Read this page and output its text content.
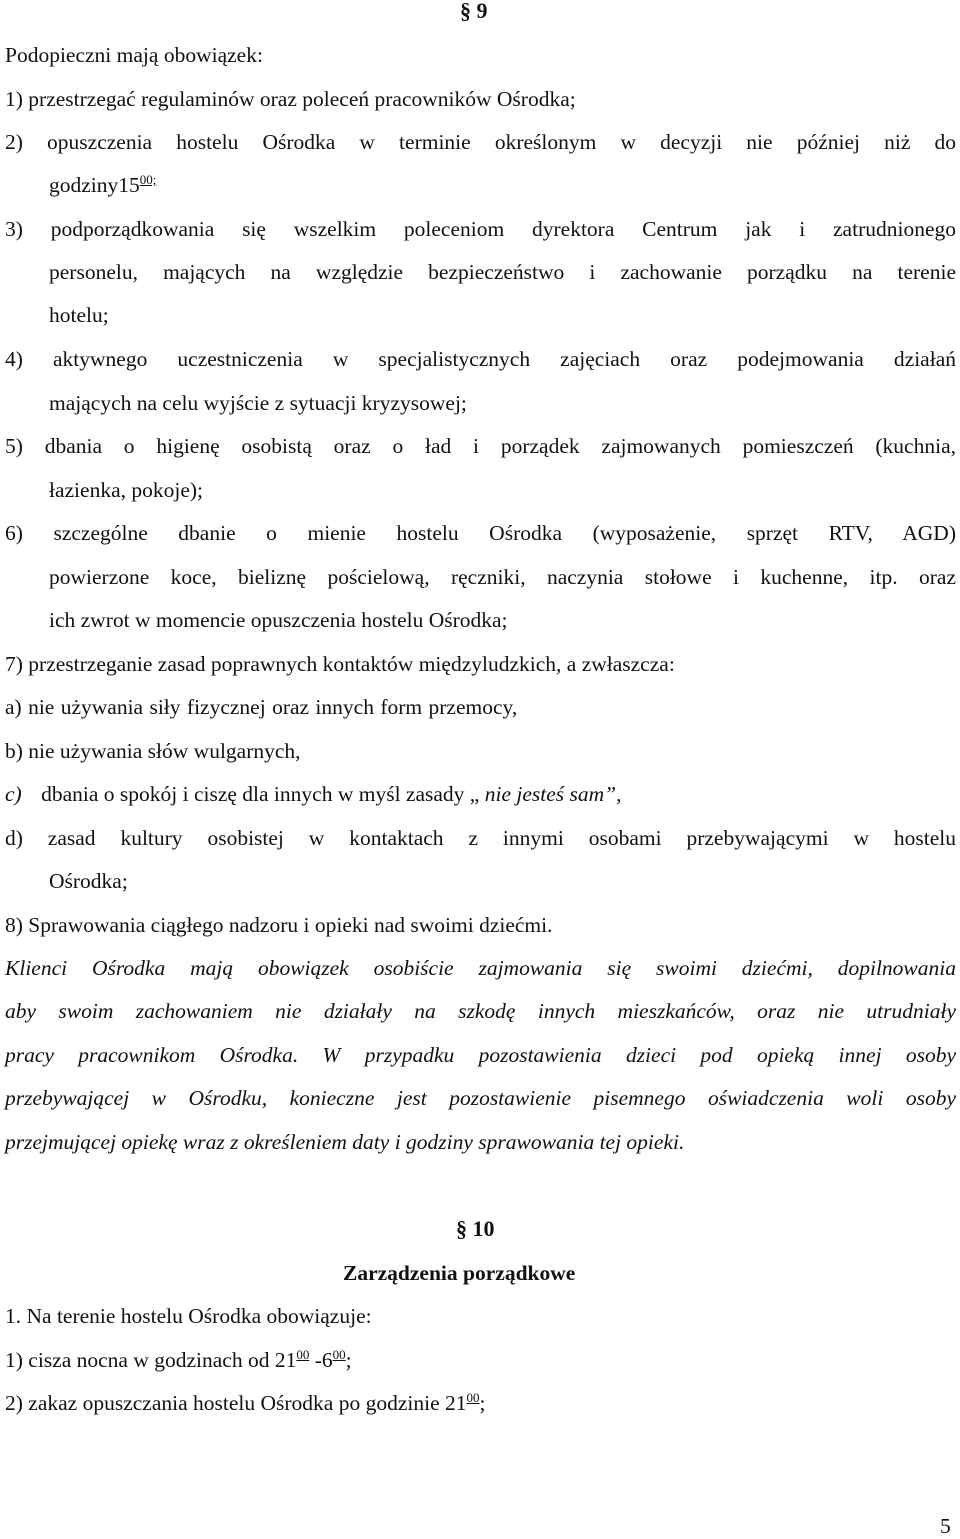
§ 9
Podopieczni mają obowiązek:
1) przestrzegać regulaminów oraz poleceń pracowników Ośrodka;
2) opuszczenia hostelu Ośrodka w terminie określonym w decyzji nie później niż do
$godziny15^{00;}$
3) podporządkowania się wszelkim poleceniom dyrektora Centrum jak i zatrudnionego
personelu, mających na względzie bezpieczeństwo i zachowanie porządku na terenie
hotelu;
4) aktywnego uczestniczenia w specjalistycznych zajęciach oraz podejmowania działań
mających na celu wyjście z sytuacji kryzysowej;
5) dbania o higienę osobistą oraz o ład i porządek zajmowanych pomieszczeń (kuchnia,
łazienka, pokoje);
6) szczególne dbanie o mienie hostelu Ośrodka (wyposażenie, sprzęt RTV, AGD)
powierzone koce, bieliznę pościelową, ręczniki, naczynia stołowe i kuchenne, itp. oraz
ich zwrot w momencie opuszczenia hostelu Ośrodka;
7) przestrzeganie zasad poprawnych kontaktów międzyludzkich, a zwłaszcza:
a) nie używania siły fizycznej oraz innych form przemocy,
b) nie używania słów wulgarnych,
c) dbania o spokój i ciszę dla innych w myśl zasady „ nie jesteś sam”,
d) zasad kultury osobistej w kontaktach z innymi osobami przebywającymi w hostelu
Ośrodka;
8) Sprawowania ciągłego nadzoru i opieki nad swoimi dziećmi.
Klienci Ośrodka mają obowiązek osobiście zajmowania się swoimi dziećmi, dopilnowania
aby swoim zachowaniem nie działały na szkodę innych mieszkańców, oraz nie utrudniały
pracy pracownikom Ośrodka. W przypadku pozostawienia dzieci pod opieką innej osoby
przebywającej w Ośrodku, konieczne jest pozostawienie pisemnego oświadczenia woli osoby
przejmującej opiekę wraz z określeniem daty i godziny sprawowania tej opieki.
§ 10
Zarządzenia porządkowe
1. Na terenie hostelu Ośrodka obowiązuje:
1) cisza nocna w godzinach od $21^{00}$ $-6^{00}$;
2) zakaz opuszczania hostelu Ośrodka po godzinie $21^{00}$;
5
